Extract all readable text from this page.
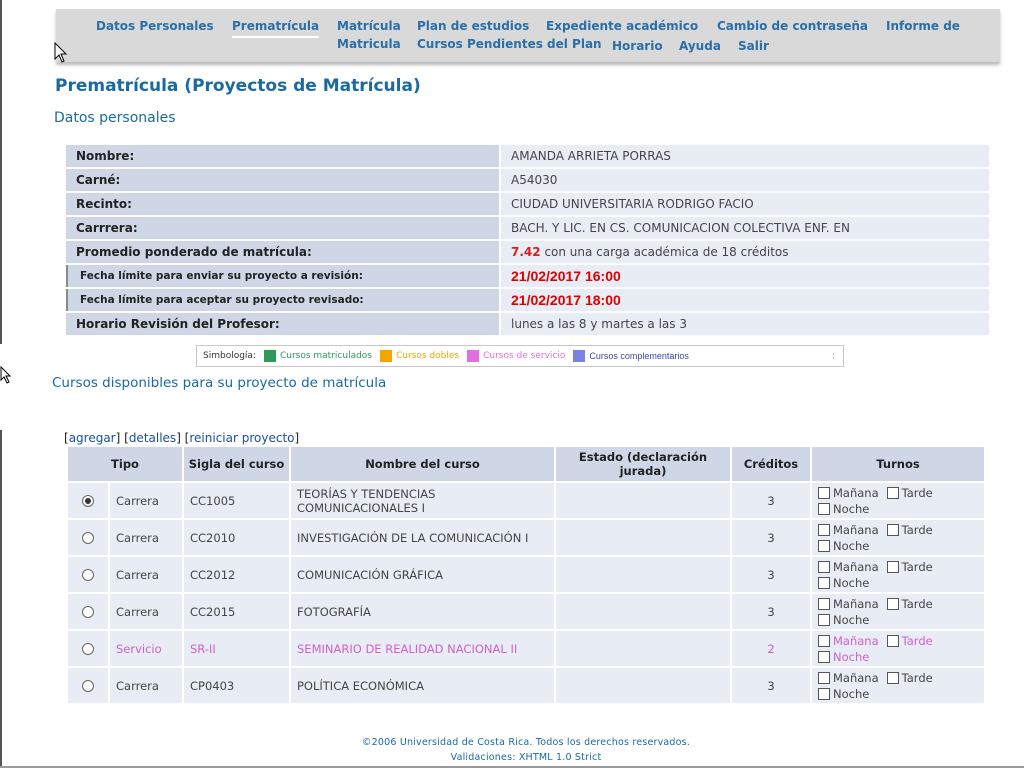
Datos Personales Prematrícula Matrícula Plan de estudios Expediente académico Cambio de contraseña Informe de
Matricula Cursos Pendientes del Plan Horario Ayuda Salir
Prematrícula (Proyectos de Matrícula)
Datos personales
Nombre:	AMANDA ARRIETA PORRAS
Carné:	A54030
Recinto:	CIUDAD UNIVERSITARIA RODRIGO FACIO
Carrrera:	BACH. Y LIC. EN CS. COMUNICACION COLECTIVA ENF. EN
Promedio ponderado de matrícula:	7.42 con una carga académica de 18 créditos
Fecha límite para enviar su proyecto a revisión:	21/02/2017 16:00
Fecha límite para aceptar su proyecto revisado:	21/02/2017 18:00
Horario Revisión del Profesor:	lunes a las 8 y martes a las 3
Simbología:	Cursos matriculados	Cursos dobles	Cursos de servicio	Cursos complementarios	:
Cursos disponibles para su proyecto de matrícula
[agregar] [detalles] [reiniciar proyecto]
Tipo		Sigla del curso	Nombre del curso	Estado (declaración jurada)	Créditos	Turnos
	Carrera	CC1005	TEORÍAS Y TENDENCIAS COMUNICACIONALES I		3	Mañana Tarde
Noche

	Carrera	CC2010	INVESTIGACIÓN DE LA COMUNICACIÓN I		3	Mañana Tarde
Noche

	Carrera	CC2012	COMUNICACIÓN GRÁFICA		3	Mañana Tarde
Noche

	Carrera	CC2015	FOTOGRAFÍA		3	Mañana Tarde
Noche

	Servicio	SR-II	SEMINARIO DE REALIDAD NACIONAL II		2	Mañana Tarde
Noche

	Carrera	CP0403	POLÍTICA ECONÓMICA		3	Mañana Tarde
Noche
©2006 Universidad de Costa Rica. Todos los derechos reservados.
Validaciones: XHTML 1.0 Strict
